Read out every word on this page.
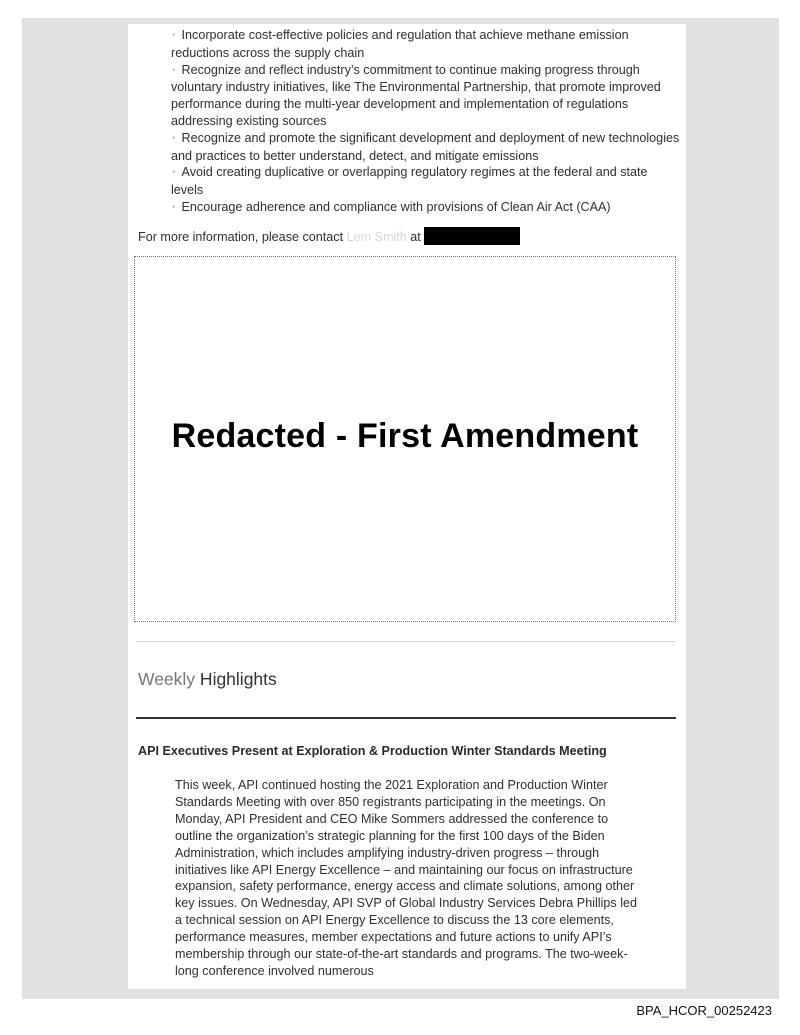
• Incorporate cost-effective policies and regulation that achieve methane emission reductions across the supply chain

• Recognize and reflect industry’s commitment to continue making progress through voluntary industry initiatives, like The Environmental Partnership, that promote improved performance during the multi-year development and implementation of regulations addressing existing sources

• Recognize and promote the significant development and deployment of new technologies and practices to better understand, detect, and mitigate emissions

• Avoid creating duplicative or overlapping regulatory regimes at the federal and state levels

• Encourage adherence and compliance with provisions of Clean Air Act (CAA)

For more information, please contact Lem Smith at
Redacted - First Amendment
Weekly Highlights
API Executives Present at Exploration & Production Winter Standards Meeting
This week, API continued hosting the 2021 Exploration and Production Winter Standards Meeting with over 850 registrants participating in the meetings. On Monday, API President and CEO Mike Sommers addressed the conference to outline the organization’s strategic planning for the first 100 days of the Biden Administration, which includes amplifying industry-driven progress – through initiatives like API Energy Excellence – and maintaining our focus on infrastructure expansion, safety performance, energy access and climate solutions, among other key issues. On Wednesday, API SVP of Global Industry Services Debra Phillips led a technical session on API Energy Excellence to discuss the 13 core elements, performance measures, member expectations and future actions to unify API’s membership through our state-of-the-art standards and programs. The two-week-long conference involved numerous
BPA_HCOR_00252423
